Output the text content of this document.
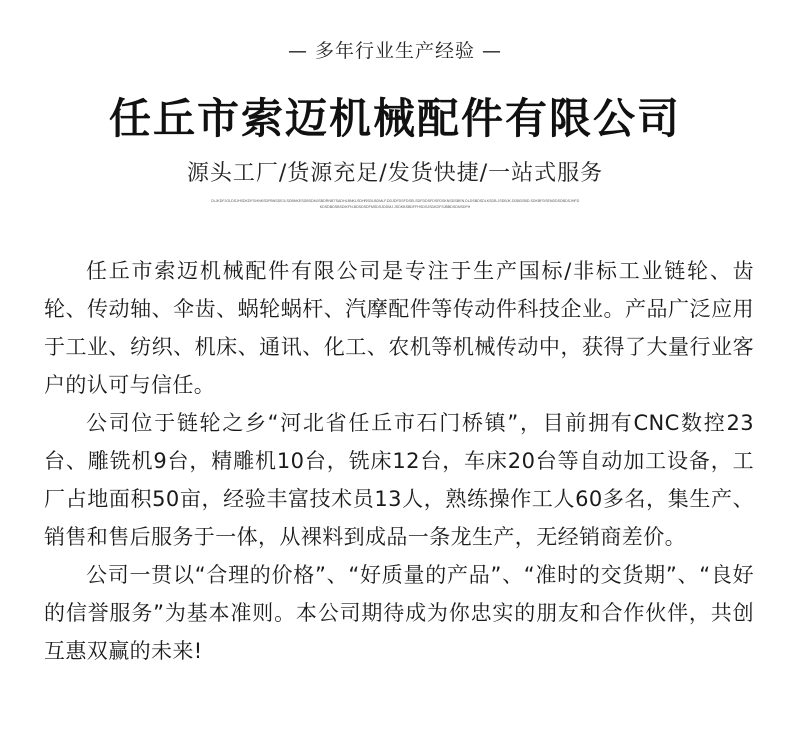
— 多年行业生产经验 —
任丘市索迈机械配件有限公司
源头工厂/货源充足/发货快捷/一站式服务
OLJKDFJGLDSJHSDKDFGHNKSDFBNSDEJLSDBNKESDBSDMJSBDRNBTSADHLBNKLSDHRSDLBDMLF.DDJDFDSFDSELSDFDDSFDSFDSKNSDSBEN.DLDSBDSDLKSDB.JSDBJK.DDBDSBD.SDKBFDSENDDSDBDSJHFDKDSDBDSBSDIKFN.BDSDSDFMSDSJDDMJ.JSDKBSBDFFHSDSJSDKDFSJBBDSDNSDFH

任丘市索迈机械配件有限公司是专注于生产国标/非标工业链轮、齿轮、传动轴、伞齿、蜗轮蜗杆、汽摩配件等传动件科技企业。产品广泛应用于工业、纺织、机床、通讯、化工、农机等机械传动中，获得了大量行业客户的认可与信任。

公司位于链轮之乡“河北省任丘市石门桥镇”，目前拥有CNC数控23台、雕铣机9台，精雕机10台，铣床12台，车床20台等自动加工设备，工厂占地面积50亩，经验丰富技术员13人，熟练操作工人60多名，集生产、销售和售后服务于一体，从裸料到成品一条龙生产，无经销商差价。

公司一贯以“合理的价格”、“好质量的产品”、“准时的交货期”、“良好的信誉服务”为基本准则。本公司期待成为你忠实的朋友和合作伙伴，共创互惠双赢的未来!
